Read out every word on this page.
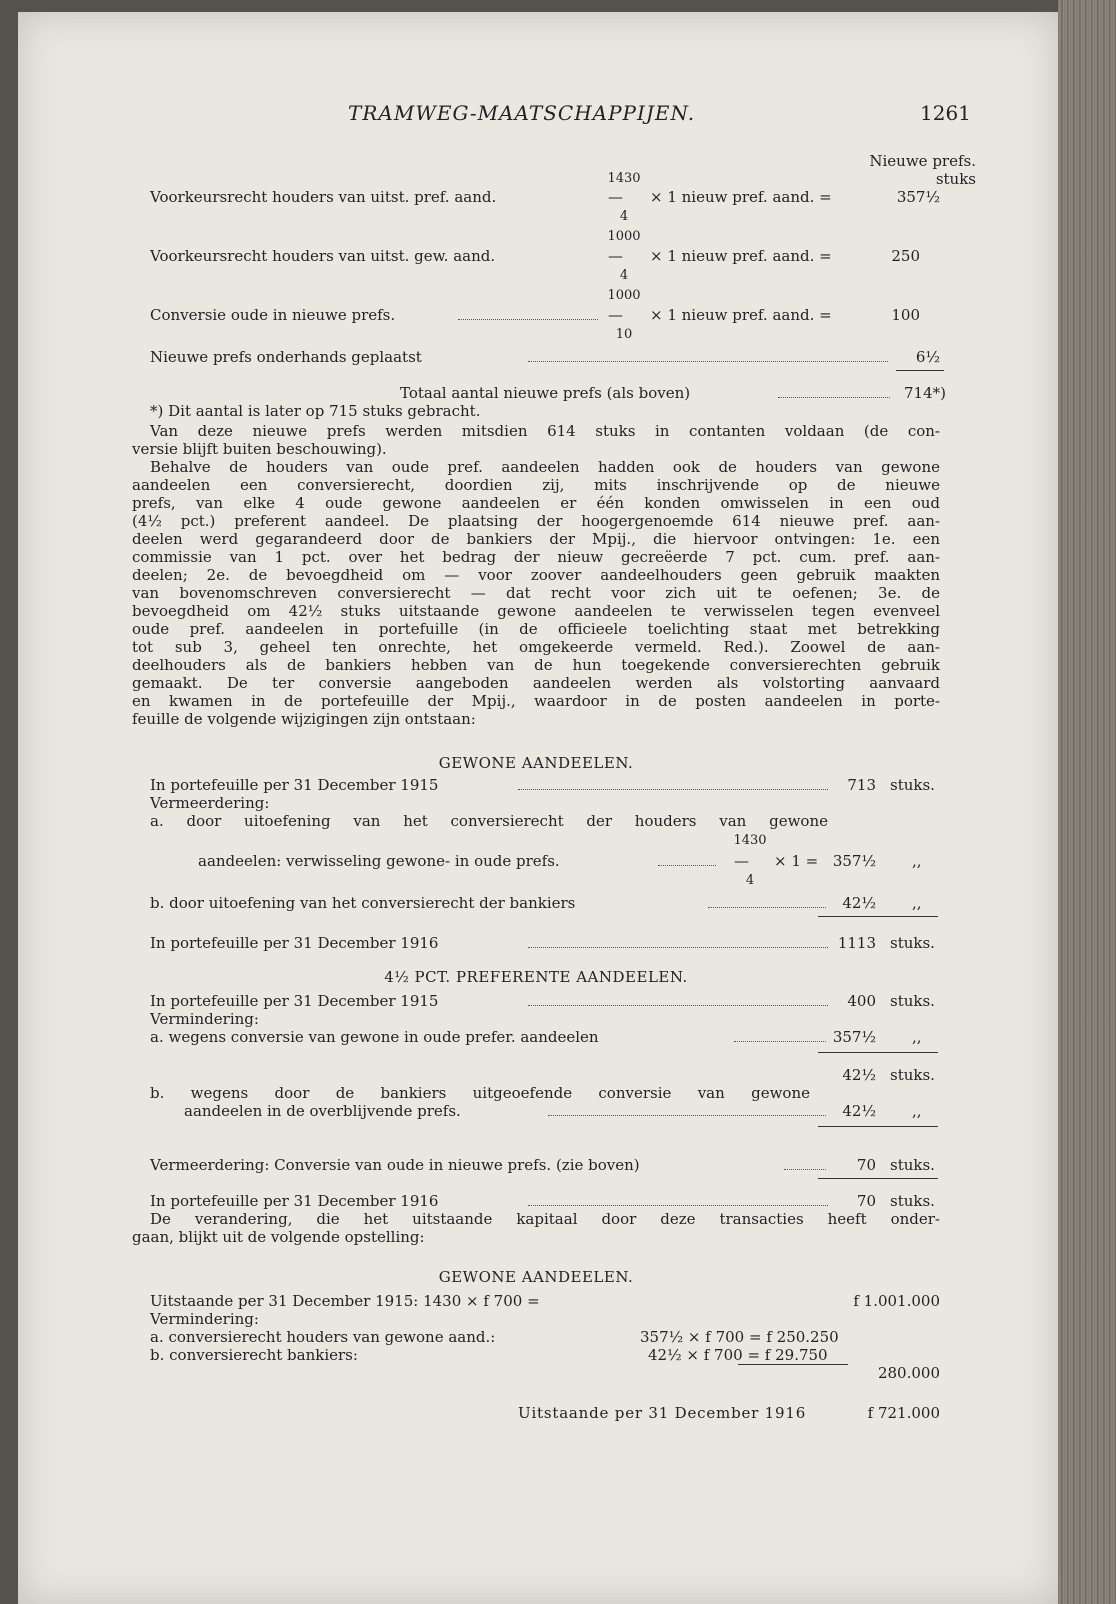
TRAMWEG-MAATSCHAPPIJEN.	1261
Nieuwe prefs.
stuks
1430
Voorkeursrecht houders van uitst. pref. aand.	— × 1 nieuw pref. aand. =	357½
4
1000
Voorkeursrecht houders van uitst. gew. aand.	— × 1 nieuw pref. aand. =	250
4
1000
Conversie oude in nieuwe prefs.	— × 1 nieuw pref. aand. =	100
10
Nieuwe prefs onderhands geplaatst	6½
Totaal aantal nieuwe prefs (als boven)	714*)
*) Dit aantal is later op 715 stuks gebracht.
Van deze nieuwe prefs werden mitsdien 614 stuks in contanten voldaan (de con-
versie blijft buiten beschouwing).
Behalve de houders van oude pref. aandeelen hadden ook de houders van gewone
aandeelen een conversierecht, doordien zij, mits inschrijvende op de nieuwe
prefs, van elke 4 oude gewone aandeelen er één konden omwisselen in een oud
(4½ pct.) preferent aandeel. De plaatsing der hoogergenoemde 614 nieuwe pref. aan-
deelen werd gegarandeerd door de bankiers der Mpij., die hiervoor ontvingen: 1e. een
commissie van 1 pct. over het bedrag der nieuw gecreëerde 7 pct. cum. pref. aan-
deelen; 2e. de bevoegdheid om — voor zoover aandeelhouders geen gebruik maakten
van bovenomschreven conversierecht — dat recht voor zich uit te oefenen; 3e. de
bevoegdheid om 42½ stuks uitstaande gewone aandeelen te verwisselen tegen evenveel
oude pref. aandeelen in portefuille (in de officieele toelichting staat met betrekking
tot sub 3, geheel ten onrechte, het omgekeerde vermeld. Red.). Zoowel de aan-
deelhouders als de bankiers hebben van de hun toegekende conversierechten gebruik
gemaakt. De ter conversie aangeboden aandeelen werden als volstorting aanvaard
en kwamen in de portefeuille der Mpij., waardoor in de posten aandeelen in porte-
feuille de volgende wijzigingen zijn ontstaan:
GEWONE AANDEELEN.
In portefeuille per 31 December 1915	713 stuks.
Vermeerdering:
a. door uitoefening van het conversierecht der houders van gewone
1430
aandeelen: verwisseling gewone- in oude prefs.	— × 1 = 357½ ,,
4
b. door uitoefening van het conversierecht der bankiers	42½ ,,
In portefeuille per 31 December 1916	1113 stuks.
4½ PCT. PREFERENTE AANDEELEN.
In portefeuille per 31 December 1915	400 stuks.
Vermindering:
a. wegens conversie van gewone in oude prefer. aandeelen	357½ ,,
42½ stuks.
b. wegens door de bankiers uitgeoefende conversie van gewone
aandeelen in de overblijvende prefs.	42½ ,,
Vermeerdering: Conversie van oude in nieuwe prefs. (zie boven)	70 stuks.
In portefeuille per 31 December 1916	70 stuks.
De verandering, die het uitstaande kapitaal door deze transacties heeft onder-
gaan, blijkt uit de volgende opstelling:
GEWONE AANDEELEN.
Uitstaande per 31 December 1915: 1430 × f 700 =	f 1.001.000
Vermindering:
a. conversierecht houders van gewone aand.:	357½ × f 700 = f 250.250
b. conversierecht bankiers:	42½ × f 700 = f 29.750
280.000
Uitstaande per 31 December 1916	f 721.000
